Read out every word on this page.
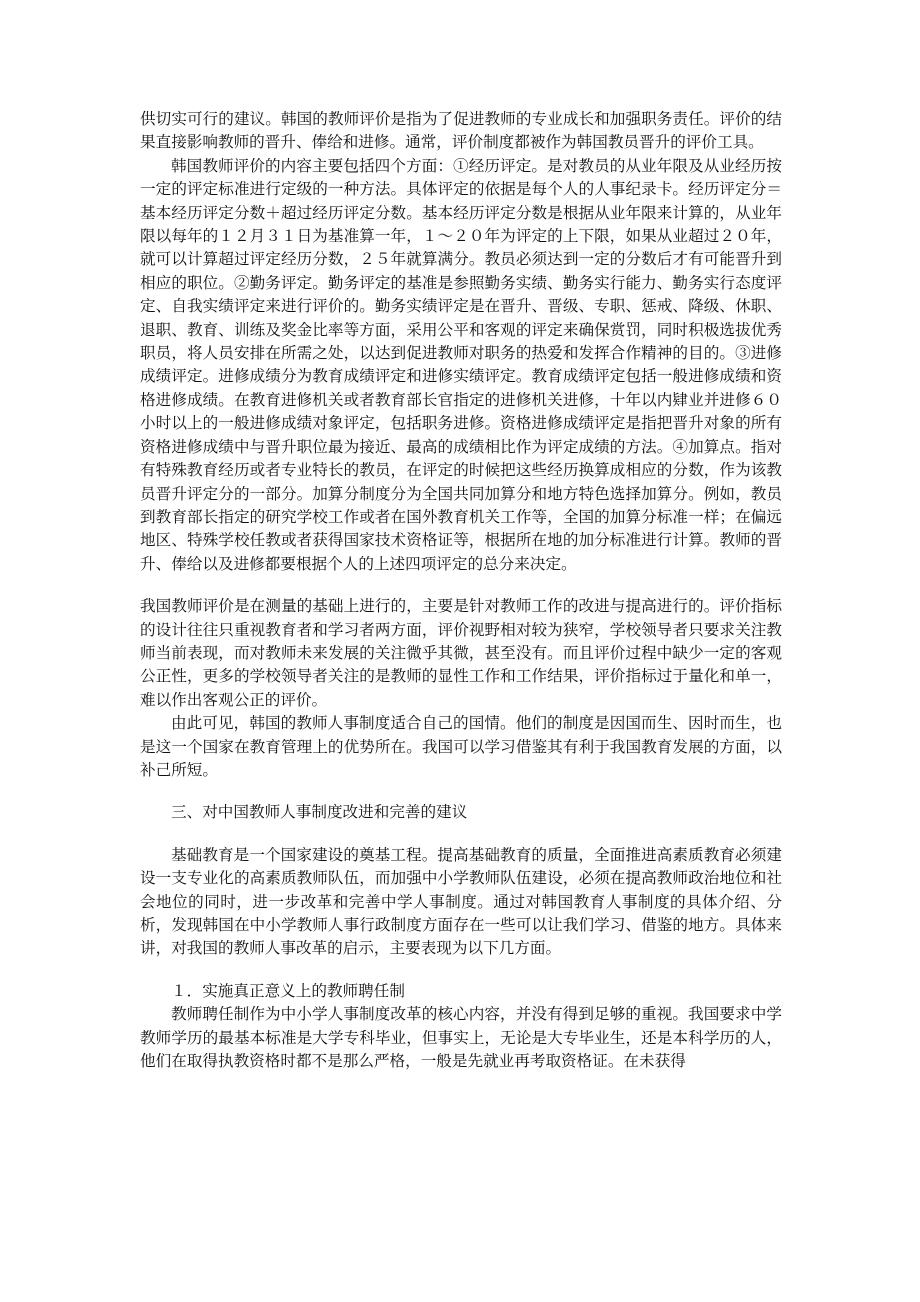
供切实可行的建议。韩国的教师评价是指为了促进教师的专业成长和加强职务责任。评价的结果直接影响教师的晋升、俸给和进修。通常，评价制度都被作为韩国教员晋升的评价工具。

韩国教师评价的内容主要包括四个方面：①经历评定。是对教员的从业年限及从业经历按一定的评定标准进行定级的一种方法。具体评定的依据是每个人的人事纪录卡。经历评定分＝基本经历评定分数＋超过经历评定分数。基本经历评定分数是根据从业年限来计算的，从业年限以每年的１２月３１日为基准算一年，１～２０年为评定的上下限，如果从业超过２０年，就可以计算超过评定经历分数，２５年就算满分。教员必须达到一定的分数后才有可能晋升到相应的职位。②勤务评定。勤务评定的基准是参照勤务实绩、勤务实行能力、勤务实行态度评定、自我实绩评定来进行评价的。勤务实绩评定是在晋升、晋级、专职、惩戒、降级、休职、退职、教育、训练及奖金比率等方面，采用公平和客观的评定来确保赏罚，同时积极选拔优秀职员，将人员安排在所需之处，以达到促进教师对职务的热爱和发挥合作精神的目的。③进修成绩评定。进修成绩分为教育成绩评定和进修实绩评定。教育成绩评定包括一般进修成绩和资格进修成绩。在教育进修机关或者教育部长官指定的进修机关进修，十年以内肄业并进修６０小时以上的一般进修成绩对象评定，包括职务进修。资格进修成绩评定是指把晋升对象的所有资格进修成绩中与晋升职位最为接近、最高的成绩相比作为评定成绩的方法。④加算点。指对有特殊教育经历或者专业特长的教员，在评定的时候把这些经历换算成相应的分数，作为该教员晋升评定分的一部分。加算分制度分为全国共同加算分和地方特色选择加算分。例如，教员到教育部长指定的研究学校工作或者在国外教育机关工作等，全国的加算分标准一样；在偏远地区、特殊学校任教或者获得国家技术资格证等，根据所在地的加分标准进行计算。教师的晋升、俸给以及进修都要根据个人的上述四项评定的总分来决定。

我国教师评价是在测量的基础上进行的，主要是针对教师工作的改进与提高进行的。评价指标的设计往往只重视教育者和学习者两方面，评价视野相对较为狭窄，学校领导者只要求关注教师当前表现，而对教师未来发展的关注微乎其微，甚至没有。而且评价过程中缺少一定的客观公正性，更多的学校领导者关注的是教师的显性工作和工作结果，评价指标过于量化和单一，难以作出客观公正的评价。

由此可见，韩国的教师人事制度适合自己的国情。他们的制度是因国而生、因时而生，也是这一个国家在教育管理上的优势所在。我国可以学习借鉴其有利于我国教育发展的方面，以补己所短。

三、对中国教师人事制度改进和完善的建议

基础教育是一个国家建设的奠基工程。提高基础教育的质量，全面推进高素质教育必须建设一支专业化的高素质教师队伍，而加强中小学教师队伍建设，必须在提高教师政治地位和社会地位的同时，进一步改革和完善中学人事制度。通过对韩国教育人事制度的具体介绍、分析，发现韩国在中小学教师人事行政制度方面存在一些可以让我们学习、借鉴的地方。具体来讲，对我国的教师人事改革的启示，主要表现为以下几方面。

１．实施真正意义上的教师聘任制

教师聘任制作为中小学人事制度改革的核心内容，并没有得到足够的重视。我国要求中学教师学历的最基本标准是大学专科毕业，但事实上，无论是大专毕业生，还是本科学历的人，他们在取得执教资格时都不是那么严格，一般是先就业再考取资格证。在未获得
